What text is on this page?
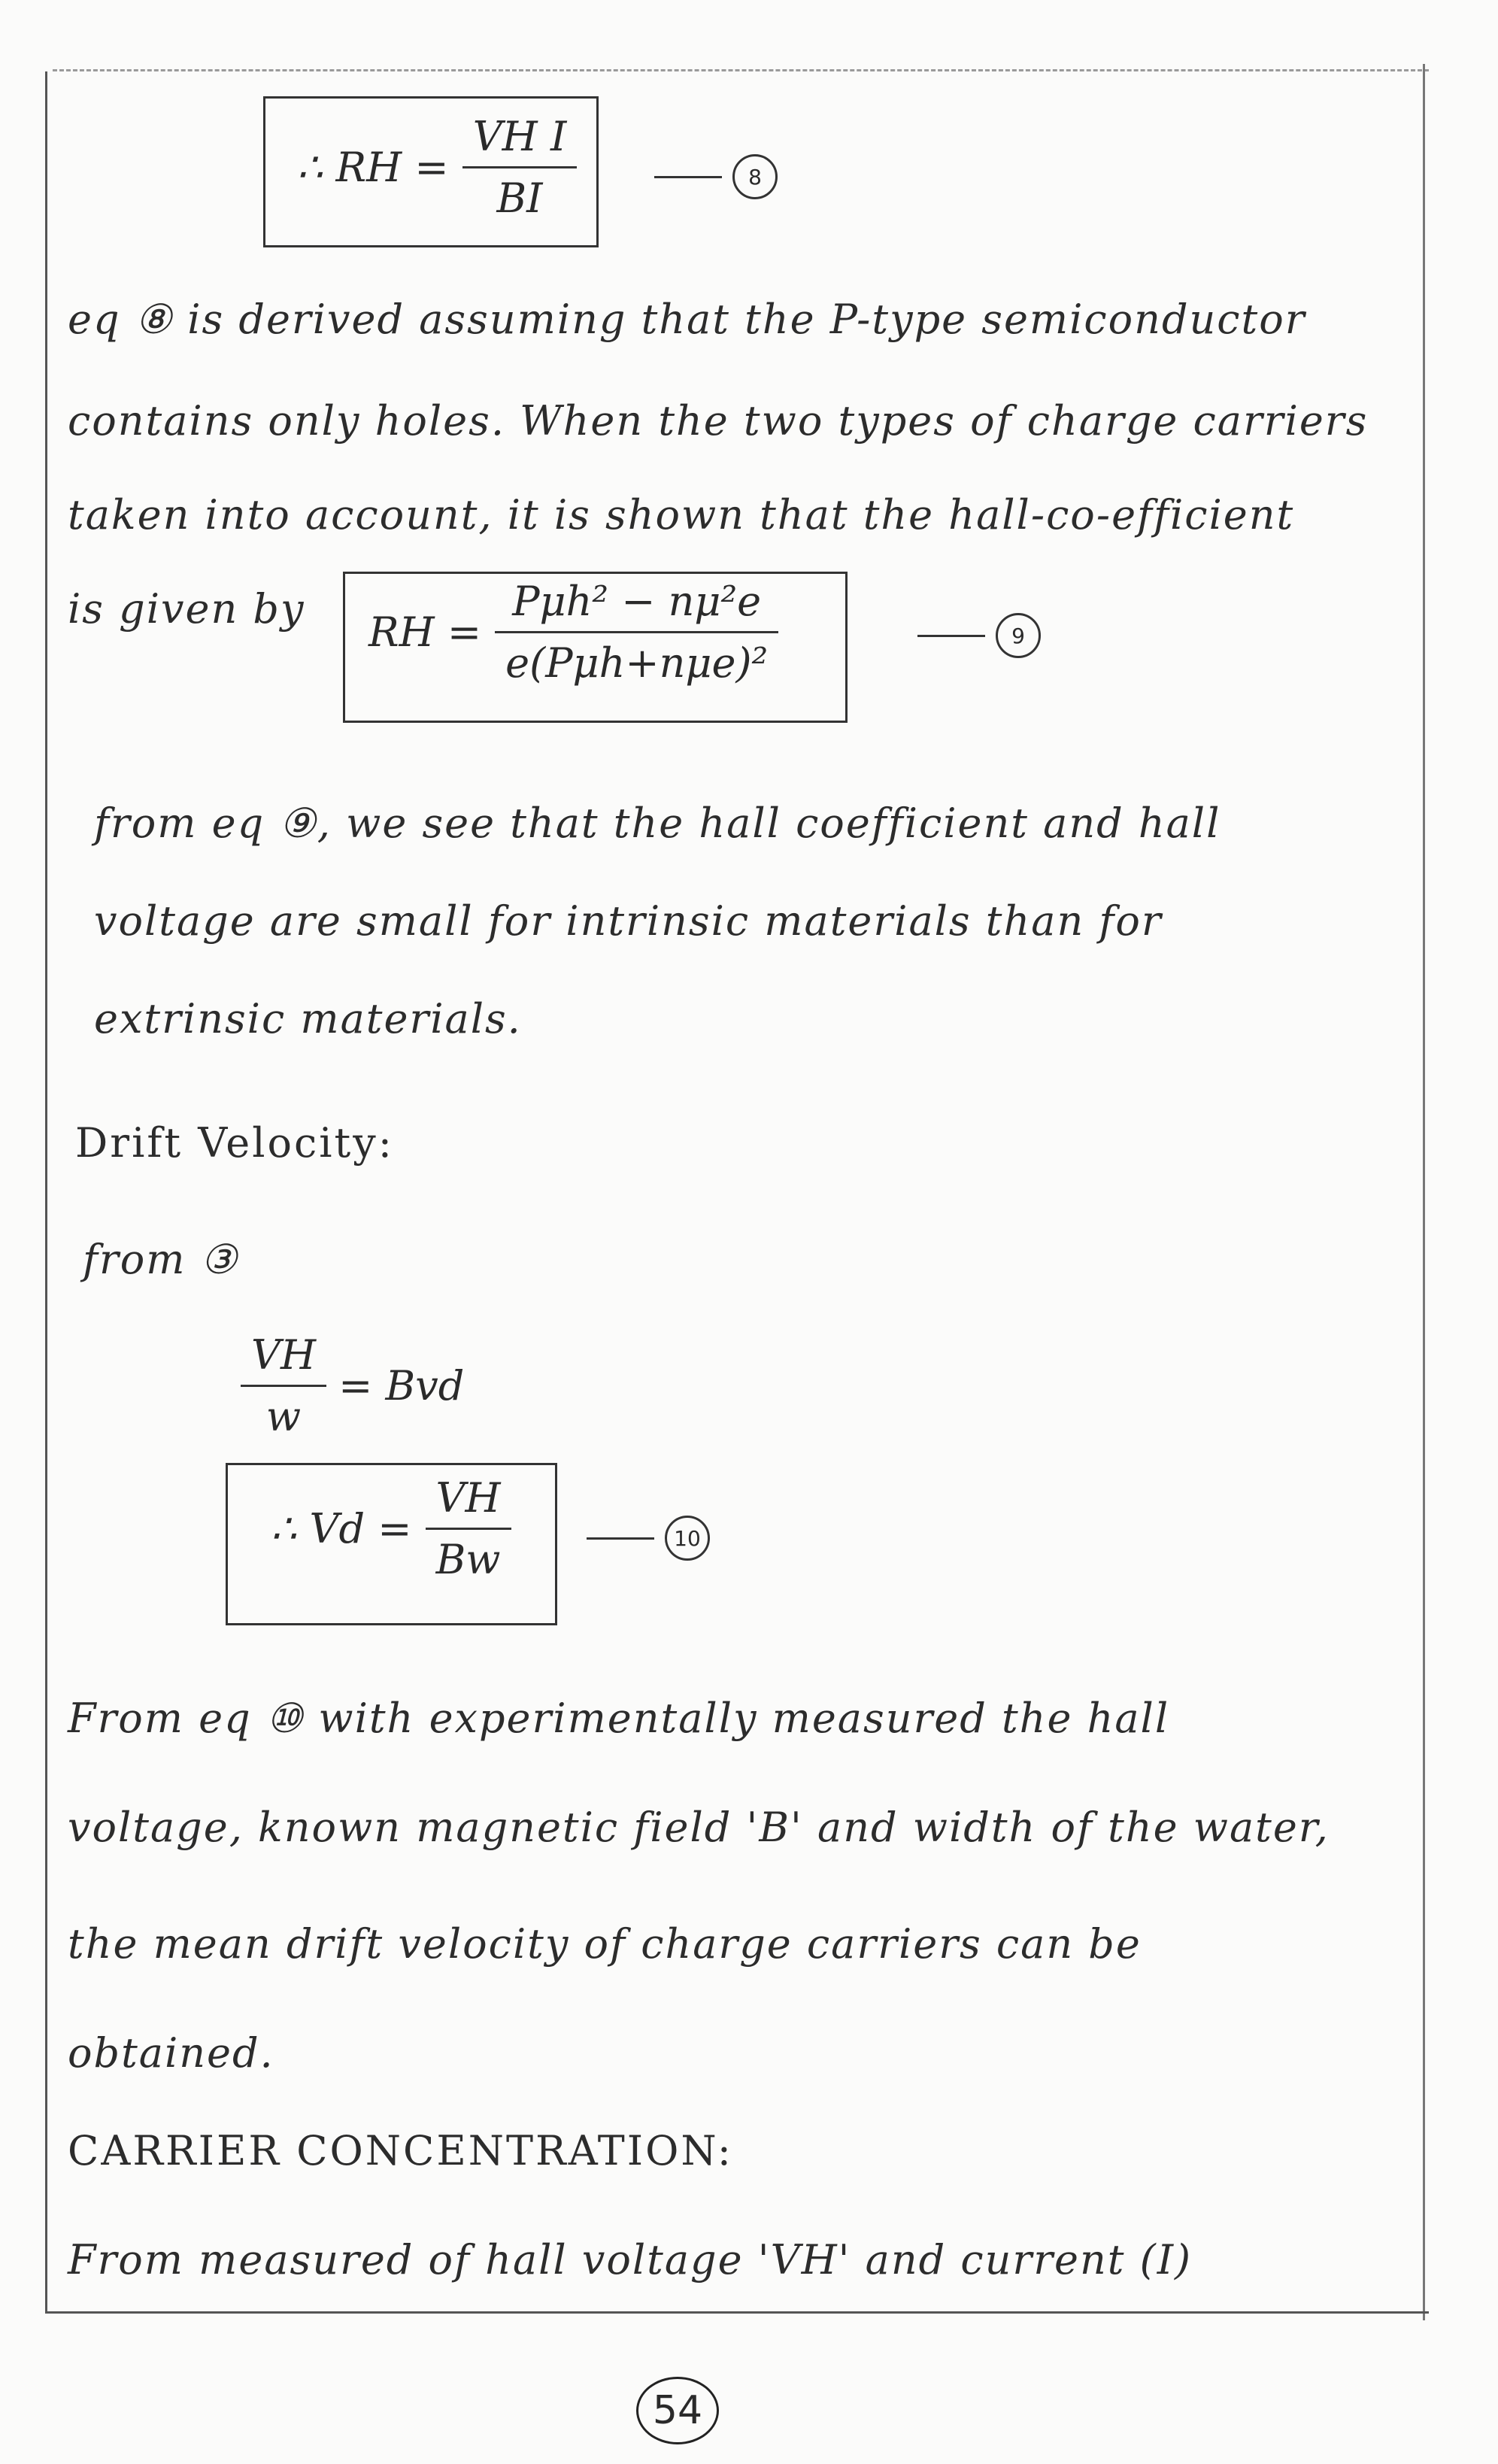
∴ RH =
VH I
BI	8
eq ⑧ is derived assuming that the P-type semiconductor
contains only holes. When the two types of charge carriers
taken into account, it is shown that the hall-co-efficient
is given by	RH =
Pμh² − nμ²e
e(Pμh+nμe)²
9
from eq ⑨, we see that the hall coefficient and hall
voltage are small for intrinsic materials than for
extrinsic materials.
Drift Velocity:
from ③
VH
w
= Bvd
∴ Vd =
VH
Bw	10
From eq ⑩ with experimentally measured the hall
voltage, known magnetic field 'B' and width of the water,
the mean drift velocity of charge carriers can be
obtained.
CARRIER CONCENTRATION:
From measured of hall voltage 'VH' and current (I)
54
